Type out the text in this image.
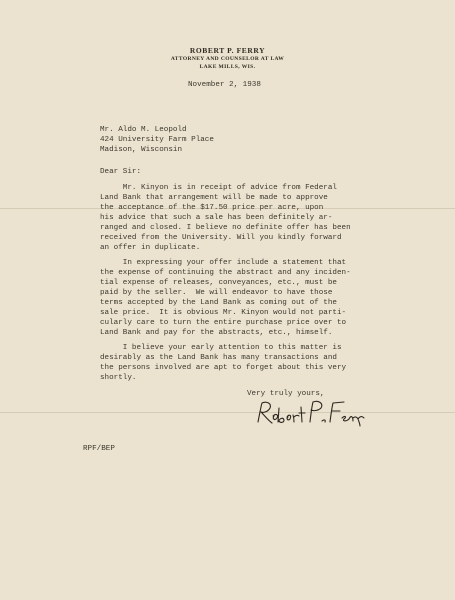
ROBERT P. FERRY

ATTORNEY AND COUNSELOR AT LAW

LAKE MILLS, WIS.

November 2, 1938
Mr. Aldo M. Leopold
424 University Farm Place
Madison, Wisconsin
Dear Sir:
Mr. Kinyon is in receipt of advice from Federal
Land Bank that arrangement will be made to approve
the acceptance of the $17.50 price per acre, upon
his advice that such a sale has been definitely ar-
ranged and closed. I believe no definite offer has been
received from the University. Will you kindly forward
an offer in duplicate.
In expressing your offer include a statement that
the expense of continuing the abstract and any inciden-
tial expense of releases, conveyances, etc., must be
paid by the seller.  We will endeavor to have those
terms accepted by the Land Bank as coming out of the
sale price.  It is obvious Mr. Kinyon would not parti-
cularly care to turn the entire purchase price over to
Land Bank and pay for the abstracts, etc., himself.
I believe your early attention to this matter is
desirably as the Land Bank has many transactions and
the persons involved are apt to forget about this very
shortly.
Very truly yours,
RPF/BEP
